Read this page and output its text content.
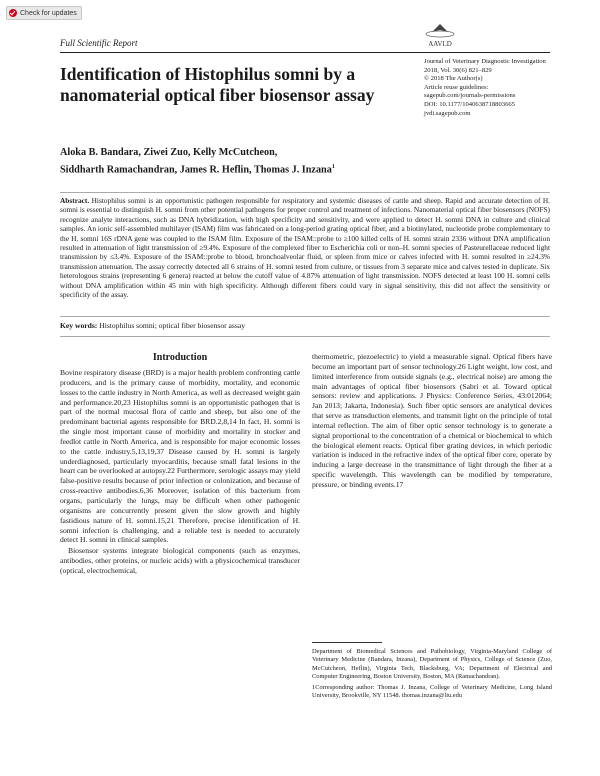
Check for updates
Full Scientific Report	AAVLD
Identification of Histophilus somni by a nanomaterial optical fiber biosensor assay
Journal of Veterinary Diagnostic Investigation
2018, Vol. 30(6) 821–829
© 2018 The Author(s)
Article reuse guidelines:
sagepub.com/journals-permissions
DOI: 10.1177/1040638718803665
jvdi.sagepub.com
Aloka B. Bandara, Ziwei Zuo, Kelly McCutcheon,
Siddharth Ramachandran, James R. Heflin, Thomas J. Inzana$^1$
Abstract. Histophilus somni is an opportunistic pathogen responsible for respiratory and systemic diseases of cattle and sheep. Rapid and accurate detection of H. somni is essential to distinguish H. somni from other potential pathogens for proper control and treatment of infections. Nanomaterial optical fiber biosensors (NOFS) recognize analyte interactions, such as DNA hybridization, with high specificity and sensitivity, and were applied to detect H. somni DNA in culture and clinical samples. An ionic self-assembled multilayer (ISAM) film was fabricated on a long-period grating optical fiber, and a biotinylated, nucleotide probe complementary to the H. somni 16S rDNA gene was coupled to the ISAM film. Exposure of the ISAM::probe to ≥100 killed cells of H. somni strain 2336 without DNA amplification resulted in attenuation of light transmission of ≥9.4%. Exposure of the complexed fiber to Escherichia coli or non–H. somni species of Pasteurellaceae reduced light transmission by ≤3.4%. Exposure of the ISAM::probe to blood, bronchoalveolar fluid, or spleen from mice or calves infected with H. somni resulted in ≥24.3% transmission attenuation. The assay correctly detected all 6 strains of H. somni tested from culture, or tissues from 3 separate mice and calves tested in duplicate. Six heterologous strains (representing 6 genera) reacted at below the cutoff value of 4.87% attenuation of light transmission. NOFS detected at least 100 H. somni cells without DNA amplification within 45 min with high specificity. Although different fibers could vary in signal sensitivity, this did not affect the sensitivity or specificity of the assay.
Key words: Histophilus somni; optical fiber biosensor assay
Introduction

Bovine respiratory disease (BRD) is a major health problem confronting cattle producers, and is the primary cause of morbidity, mortality, and economic losses to the cattle industry in North America, as well as decreased weight gain and performance.20,23 Histophilus somni is an opportunistic pathogen that is part of the normal mucosal flora of cattle and sheep, but also one of the predominant bacterial agents responsible for BRD.2,8,14 In fact, H. somni is the single most important cause of morbidity and mortality in stocker and feedlot cattle in North America, and is responsible for major economic losses to the cattle industry.5,13,19,37 Disease caused by H. somni is largely underdiagnosed, particularly myocarditis, because small fatal lesions in the heart can be overlooked at autopsy.22 Furthermore, serologic assays may yield false-positive results because of prior infection or colonization, and because of cross-reactive antibodies.6,36 Moreover, isolation of this bacterium from organs, particularly the lungs, may be difficult when other pathogenic organisms are concurrently present given the slow growth and highly fastidious nature of H. somni.15,21 Therefore, precise identification of H. somni infection is challenging, and a reliable test is needed to accurately detect H. somni in clinical samples.

Biosensor systems integrate biological components (such as enzymes, antibodies, other proteins, or nucleic acids) with a physicochemical transducer (optical, electrochemical,

thermometric, piezoelectric) to yield a measurable signal. Optical fibers have become an important part of sensor technology.26 Light weight, low cost, and limited interference from outside signals (e.g., electrical noise) are among the main advantages of optical fiber biosensors (Sabri et al. Toward optical sensors: review and applications. J Physics: Conference Series, 43:012064; Jan 2013; Jakarta, Indonesia). Such fiber optic sensors are analytical devices that serve as transduction elements, and transmit light on the principle of total internal reflection. The aim of fiber optic sensor technology is to generate a signal proportional to the concentration of a chemical or biochemical to which the biological element reacts. Optical fiber grating devices, in which periodic variation is induced in the refractive index of the optical fiber core, operate by inducing a large decrease in the transmittance of light through the fiber at a specific wavelength. This wavelength can be modified by temperature, pressure, or binding events.17

Department of Biomedical Sciences and Pathobiology, Virginia-Maryland College of Veterinary Medicine (Bandara, Inzana), Department of Physics, College of Science (Zuo, McCutcheon, Heflin), Virginia Tech, Blacksburg, VA; Department of Electrical and Computer Engineering, Boston University, Boston, MA (Ramachandran).

1Corresponding author: Thomas J. Inzana, College of Veterinary Medicine, Long Island University, Brookville, NY 11548. thomas.inzana@liu.edu
